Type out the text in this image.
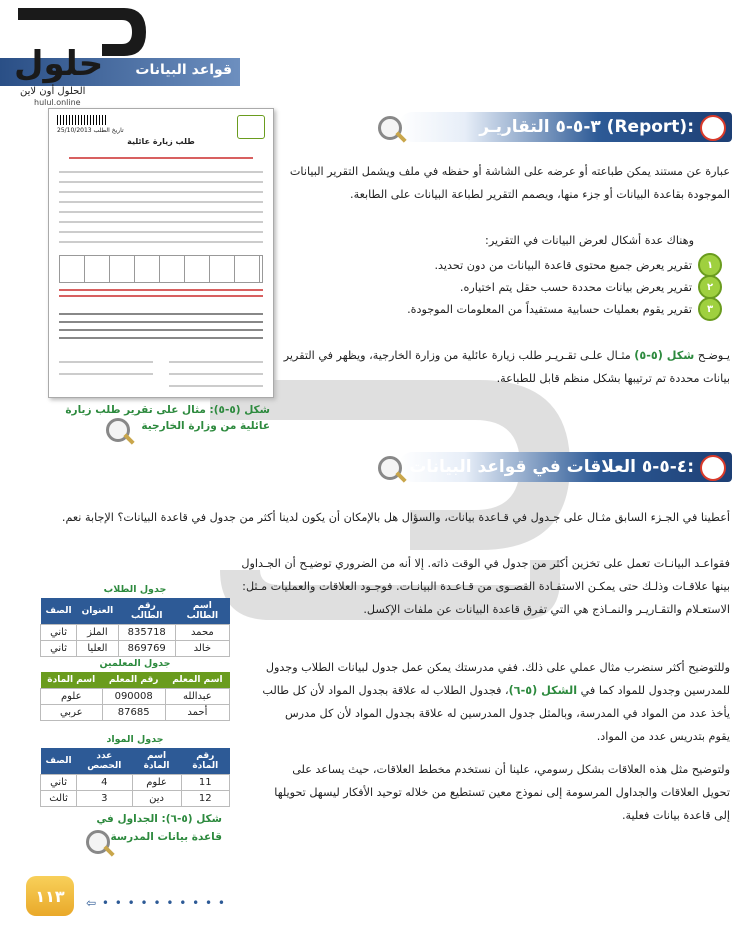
قواعد البيانات
حلول
الحلول أون لاين
hulul.online
٣-٥-٥ التقاريـر (Report):
تاريخ الطلب 25/10/2013
طلب زيارة عائلية
شكل (٥-٥): مثال على تقرير طلب زيارة عائلية من وزارة الخارجية
عبارة عن مستند يمكن طباعته أو عرضه على الشاشة أو حفظه في ملف ويشمل التقرير البيانات الموجودة بقاعدة البيانات أو جزء منها، ويصمم التقرير لطباعة البيانات على الطابعة.
وهناك عدة أشكال لعرض البيانات في التقرير:
١
تقرير يعرض جميع محتوى قاعدة البيانات من دون تحديد.
٢
تقرير يعرض بيانات محددة حسب حقل يتم اختياره.
٣
تقرير يقوم بعمليات حسابية مستفيداً من المعلومات الموجودة.
يـوضـح شكل (٥-٥) مثـال علـى تقـريـر طلب زيارة عائلية من وزارة الخارجية، ويظهر في التقرير بيانات محددة تم ترتيبها بشكل منظم قابل للطباعة.
٤-٥-٥ العلاقات في قواعد البيانات:
أعطينا في الجـزء السابق مثـال على جـدول في قـاعدة بيانات، والسؤال هل بالإمكان أن يكون لدينا أكثر من جدول في قاعدة البيانات؟ الإجابة نعم.
فقواعـد البيانـات تعمل على تخزين أكثر من جدول في الوقت ذاته. إلا أنه من الضروري توضيـح أن الجـداول بينها علاقـات وذلـك حتى يمكـن الاستفـادة القصـوى من قـاعـدة البيانـات. فوجـود العلاقات والعمليات مـثل: الاستعـلام والتقـاريـر والنمـاذج هي التي تفرق قاعدة البيانات عن ملفات الإكسل.
وللتوضيح أكثر سنضرب مثال عملي على ذلك. ففي مدرستك يمكن عمل جدول لبيانات الطلاب وجدول للمدرسين وجدول للمواد كما في الشكل (٥-٦)، فجدول الطلاب له علاقة بجدول المواد لأن كل طالب يأخذ عدد من المواد في المدرسة، وبالمثل جدول المدرسين له علاقة بجدول المواد لأن كل مدرس يقوم بتدريس عدد من المواد.
ولتوضيح مثل هذه العلاقات بشكل رسومي، علينا أن نستخدم مخطط العلاقات، حيث يساعد على تحويل العلاقات والجداول المرسومة إلى نموذج معين تستطيع من خلاله توحيد الأفكار ليسهل تحويلها إلى قاعدة بيانات فعلية.
جدول الطلاب
اسم الطالب	رقم الطالب	العنوان	الصف
محمد	835718	الملز	ثاني
خالد	869769	العليا	ثاني
جدول المعلمين
اسم المعلم	رقم المعلم	اسم المادة
عبدالله	090008	علوم
أحمد	87685	عربي
جدول المواد
رقم المادة	اسم المادة	عدد الحصص	الصف
11	علوم	4	ثاني
12	دين	3	ثالث
شكل (٥-٦): الجداول في قاعدة بيانات المدرسة
١١٣	⇦ • • • • • • • • • •
